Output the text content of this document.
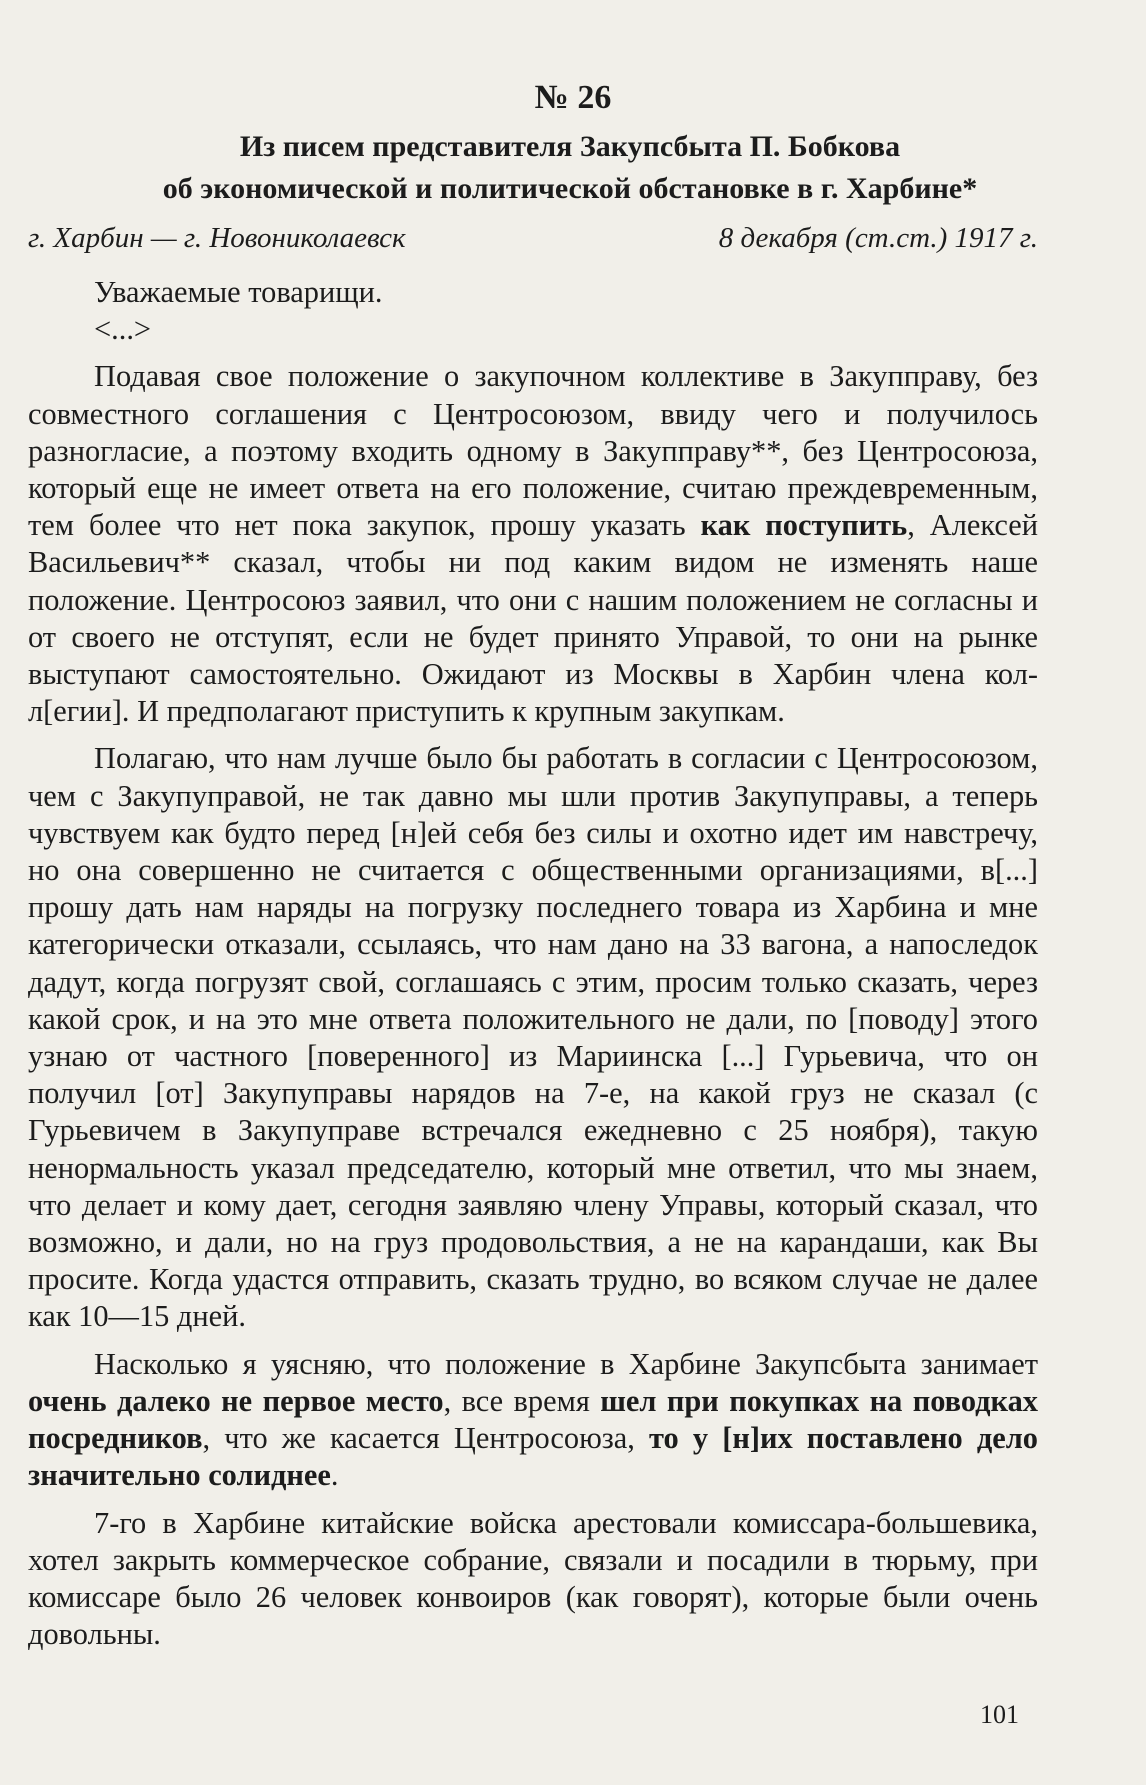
№ 26
Из писем представителя Закупсбыта П. Бобкова
об экономической и политической обстановке в г. Харбине*
г. Харбин — г. Новониколаевск	8 декабря (ст.ст.) 1917 г.

Уважаемые товарищи.

<...>

Подавая свое положение о закупочном коллективе в Закупправу, без совместного соглашения с Центросоюзом, ввиду чего и получилось разногласие, а поэтому входить одному в Закупправу**, без Центросоюза, который еще не имеет ответа на его положение, считаю преждевременным, тем более что нет пока закупок, прошу указать как поступить, Алексей Васильевич** сказал, чтобы ни под каким видом не изменять наше положение. Центросоюз заявил, что они с нашим положением не согласны и от своего не отступят, если не будет принято Управой, то они на рынке выступают самостоятельно. Ожидают из Москвы в Харбин члена кол-л[егии]. И предполагают приступить к крупным закупкам.

Полагаю, что нам лучше было бы работать в согласии с Центросоюзом, чем с Закупуправой, не так давно мы шли против Закупуправы, а теперь чувствуем как будто перед [н]ей себя без силы и охотно идет им навстречу, но она совершенно не считается с общественными организациями, в[...] прошу дать нам наряды на погрузку последнего товара из Харбина и мне категорически отказали, ссылаясь, что нам дано на 33 вагона, а напоследок дадут, когда погрузят свой, соглашаясь с этим, просим только сказать, через какой срок, и на это мне ответа положительного не дали, по [поводу] этого узнаю от частного [поверенного] из Мариинска [...] Гурьевича, что он получил [от] Закупуправы нарядов на 7-е, на какой груз не сказал (с Гурьевичем в Закупуправе встречался ежедневно с 25 ноября), такую ненормальность указал председателю, который мне ответил, что мы знаем, что делает и кому дает, сегодня заявляю члену Управы, который сказал, что возможно, и дали, но на груз продовольствия, а не на карандаши, как Вы просите. Когда удастся отправить, сказать трудно, во всяком случае не далее как 10—15 дней.

Насколько я уясняю, что положение в Харбине Закупсбыта занимает очень далеко не первое место, все время шел при покупках на поводках посредников, что же касается Центросоюза, то у [н]их поставлено дело значительно солиднее.

7-го в Харбине китайские войска арестовали комиссара-большевика, хотел закрыть коммерческое собрание, связали и посадили в тюрьму, при комиссаре было 26 человек конвоиров (как говорят), которые были очень довольны.

101
